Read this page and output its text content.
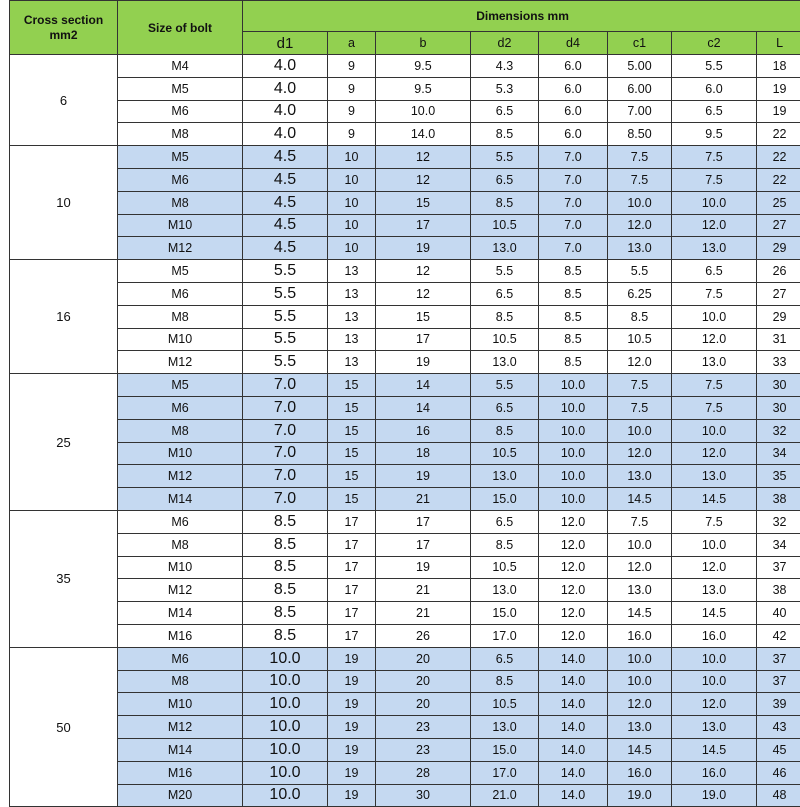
Cross section mm2	Size of bolt	Dimensions mm							
		d1	a	b	d2	d4	c1	c2	L
6	M4	4.0	9	9.5	4.3	6.0	5.00	5.5	18
	M5	4.0	9	9.5	5.3	6.0	6.00	6.0	19
	M6	4.0	9	10.0	6.5	6.0	7.00	6.5	19
	M8	4.0	9	14.0	8.5	6.0	8.50	9.5	22
10	M5	4.5	10	12	5.5	7.0	7.5	7.5	22
	M6	4.5	10	12	6.5	7.0	7.5	7.5	22
	M8	4.5	10	15	8.5	7.0	10.0	10.0	25
	M10	4.5	10	17	10.5	7.0	12.0	12.0	27
	M12	4.5	10	19	13.0	7.0	13.0	13.0	29
16	M5	5.5	13	12	5.5	8.5	5.5	6.5	26
	M6	5.5	13	12	6.5	8.5	6.25	7.5	27
	M8	5.5	13	15	8.5	8.5	8.5	10.0	29
	M10	5.5	13	17	10.5	8.5	10.5	12.0	31
	M12	5.5	13	19	13.0	8.5	12.0	13.0	33
25	M5	7.0	15	14	5.5	10.0	7.5	7.5	30
	M6	7.0	15	14	6.5	10.0	7.5	7.5	30
	M8	7.0	15	16	8.5	10.0	10.0	10.0	32
	M10	7.0	15	18	10.5	10.0	12.0	12.0	34
	M12	7.0	15	19	13.0	10.0	13.0	13.0	35
	M14	7.0	15	21	15.0	10.0	14.5	14.5	38
35	M6	8.5	17	17	6.5	12.0	7.5	7.5	32
	M8	8.5	17	17	8.5	12.0	10.0	10.0	34
	M10	8.5	17	19	10.5	12.0	12.0	12.0	37
	M12	8.5	17	21	13.0	12.0	13.0	13.0	38
	M14	8.5	17	21	15.0	12.0	14.5	14.5	40
	M16	8.5	17	26	17.0	12.0	16.0	16.0	42
50	M6	10.0	19	20	6.5	14.0	10.0	10.0	37
	M8	10.0	19	20	8.5	14.0	10.0	10.0	37
	M10	10.0	19	20	10.5	14.0	12.0	12.0	39
	M12	10.0	19	23	13.0	14.0	13.0	13.0	43
	M14	10.0	19	23	15.0	14.0	14.5	14.5	45
	M16	10.0	19	28	17.0	14.0	16.0	16.0	46
	M20	10.0	19	30	21.0	14.0	19.0	19.0	48
